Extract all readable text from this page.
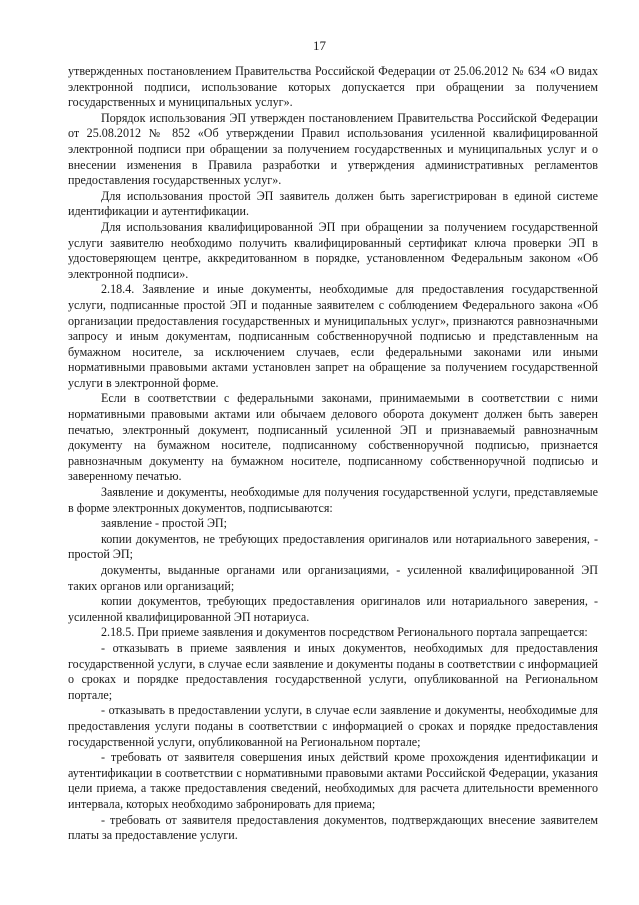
17

утвержденных постановлением Правительства Российской Федерации от 25.06.2012 № 634 «О видах электронной подписи, использование которых допускается при обращении за получением государственных и муниципальных услуг».

Порядок использования ЭП утвержден постановлением Правительства Российской Федерации от 25.08.2012 № 852 «Об утверждении Правил использования усиленной квалифицированной электронной подписи при обращении за получением государственных и муниципальных услуг и о внесении изменения в Правила разработки и утверждения административных регламентов предоставления государственных услуг».

Для использования простой ЭП заявитель должен быть зарегистрирован в единой системе идентификации и аутентификации.

Для использования квалифицированной ЭП при обращении за получением государственной услуги заявителю необходимо получить квалифицированный сертификат ключа проверки ЭП в удостоверяющем центре, аккредитованном в порядке, установленном Федеральным законом «Об электронной подписи».

2.18.4. Заявление и иные документы, необходимые для предоставления государственной услуги, подписанные простой ЭП и поданные заявителем с соблюдением Федерального закона «Об организации предоставления государственных и муниципальных услуг», признаются равнозначными запросу и иным документам, подписанным собственноручной подписью и представленным на бумажном носителе, за исключением случаев, если федеральными законами или иными нормативными правовыми актами установлен запрет на обращение за получением государственной услуги в электронной форме.

Если в соответствии с федеральными законами, принимаемыми в соответствии с ними нормативными правовыми актами или обычаем делового оборота документ должен быть заверен печатью, электронный документ, подписанный усиленной ЭП и признаваемый равнозначным документу на бумажном носителе, подписанному собственноручной подписью, признается равнозначным документу на бумажном носителе, подписанному собственноручной подписью и заверенному печатью.

Заявление и документы, необходимые для получения государственной услуги, представляемые в форме электронных документов, подписываются:

заявление - простой ЭП;

копии документов, не требующих предоставления оригиналов или нотариального заверения, - простой ЭП;

документы, выданные органами или организациями, - усиленной квалифицированной ЭП таких органов или организаций;

копии документов, требующих предоставления оригиналов или нотариального заверения, - усиленной квалифицированной ЭП нотариуса.

2.18.5. При приеме заявления и документов посредством Регионального портала запрещается:

- отказывать в приеме заявления и иных документов, необходимых для предоставления государственной услуги, в случае если заявление и документы поданы в соответствии с информацией о сроках и порядке предоставления государственной услуги, опубликованной на Региональном портале;

- отказывать в предоставлении услуги, в случае если заявление и документы, необходимые для предоставления услуги поданы в соответствии с информацией о сроках и порядке предоставления государственной услуги, опубликованной на Региональном портале;

- требовать от заявителя совершения иных действий кроме прохождения идентификации и аутентификации в соответствии с нормативными правовыми актами Российской Федерации, указания цели приема, а также предоставления сведений, необходимых для расчета длительности временного интервала, которых необходимо забронировать для приема;

- требовать от заявителя предоставления документов, подтверждающих внесение заявителем платы за предоставление услуги.
